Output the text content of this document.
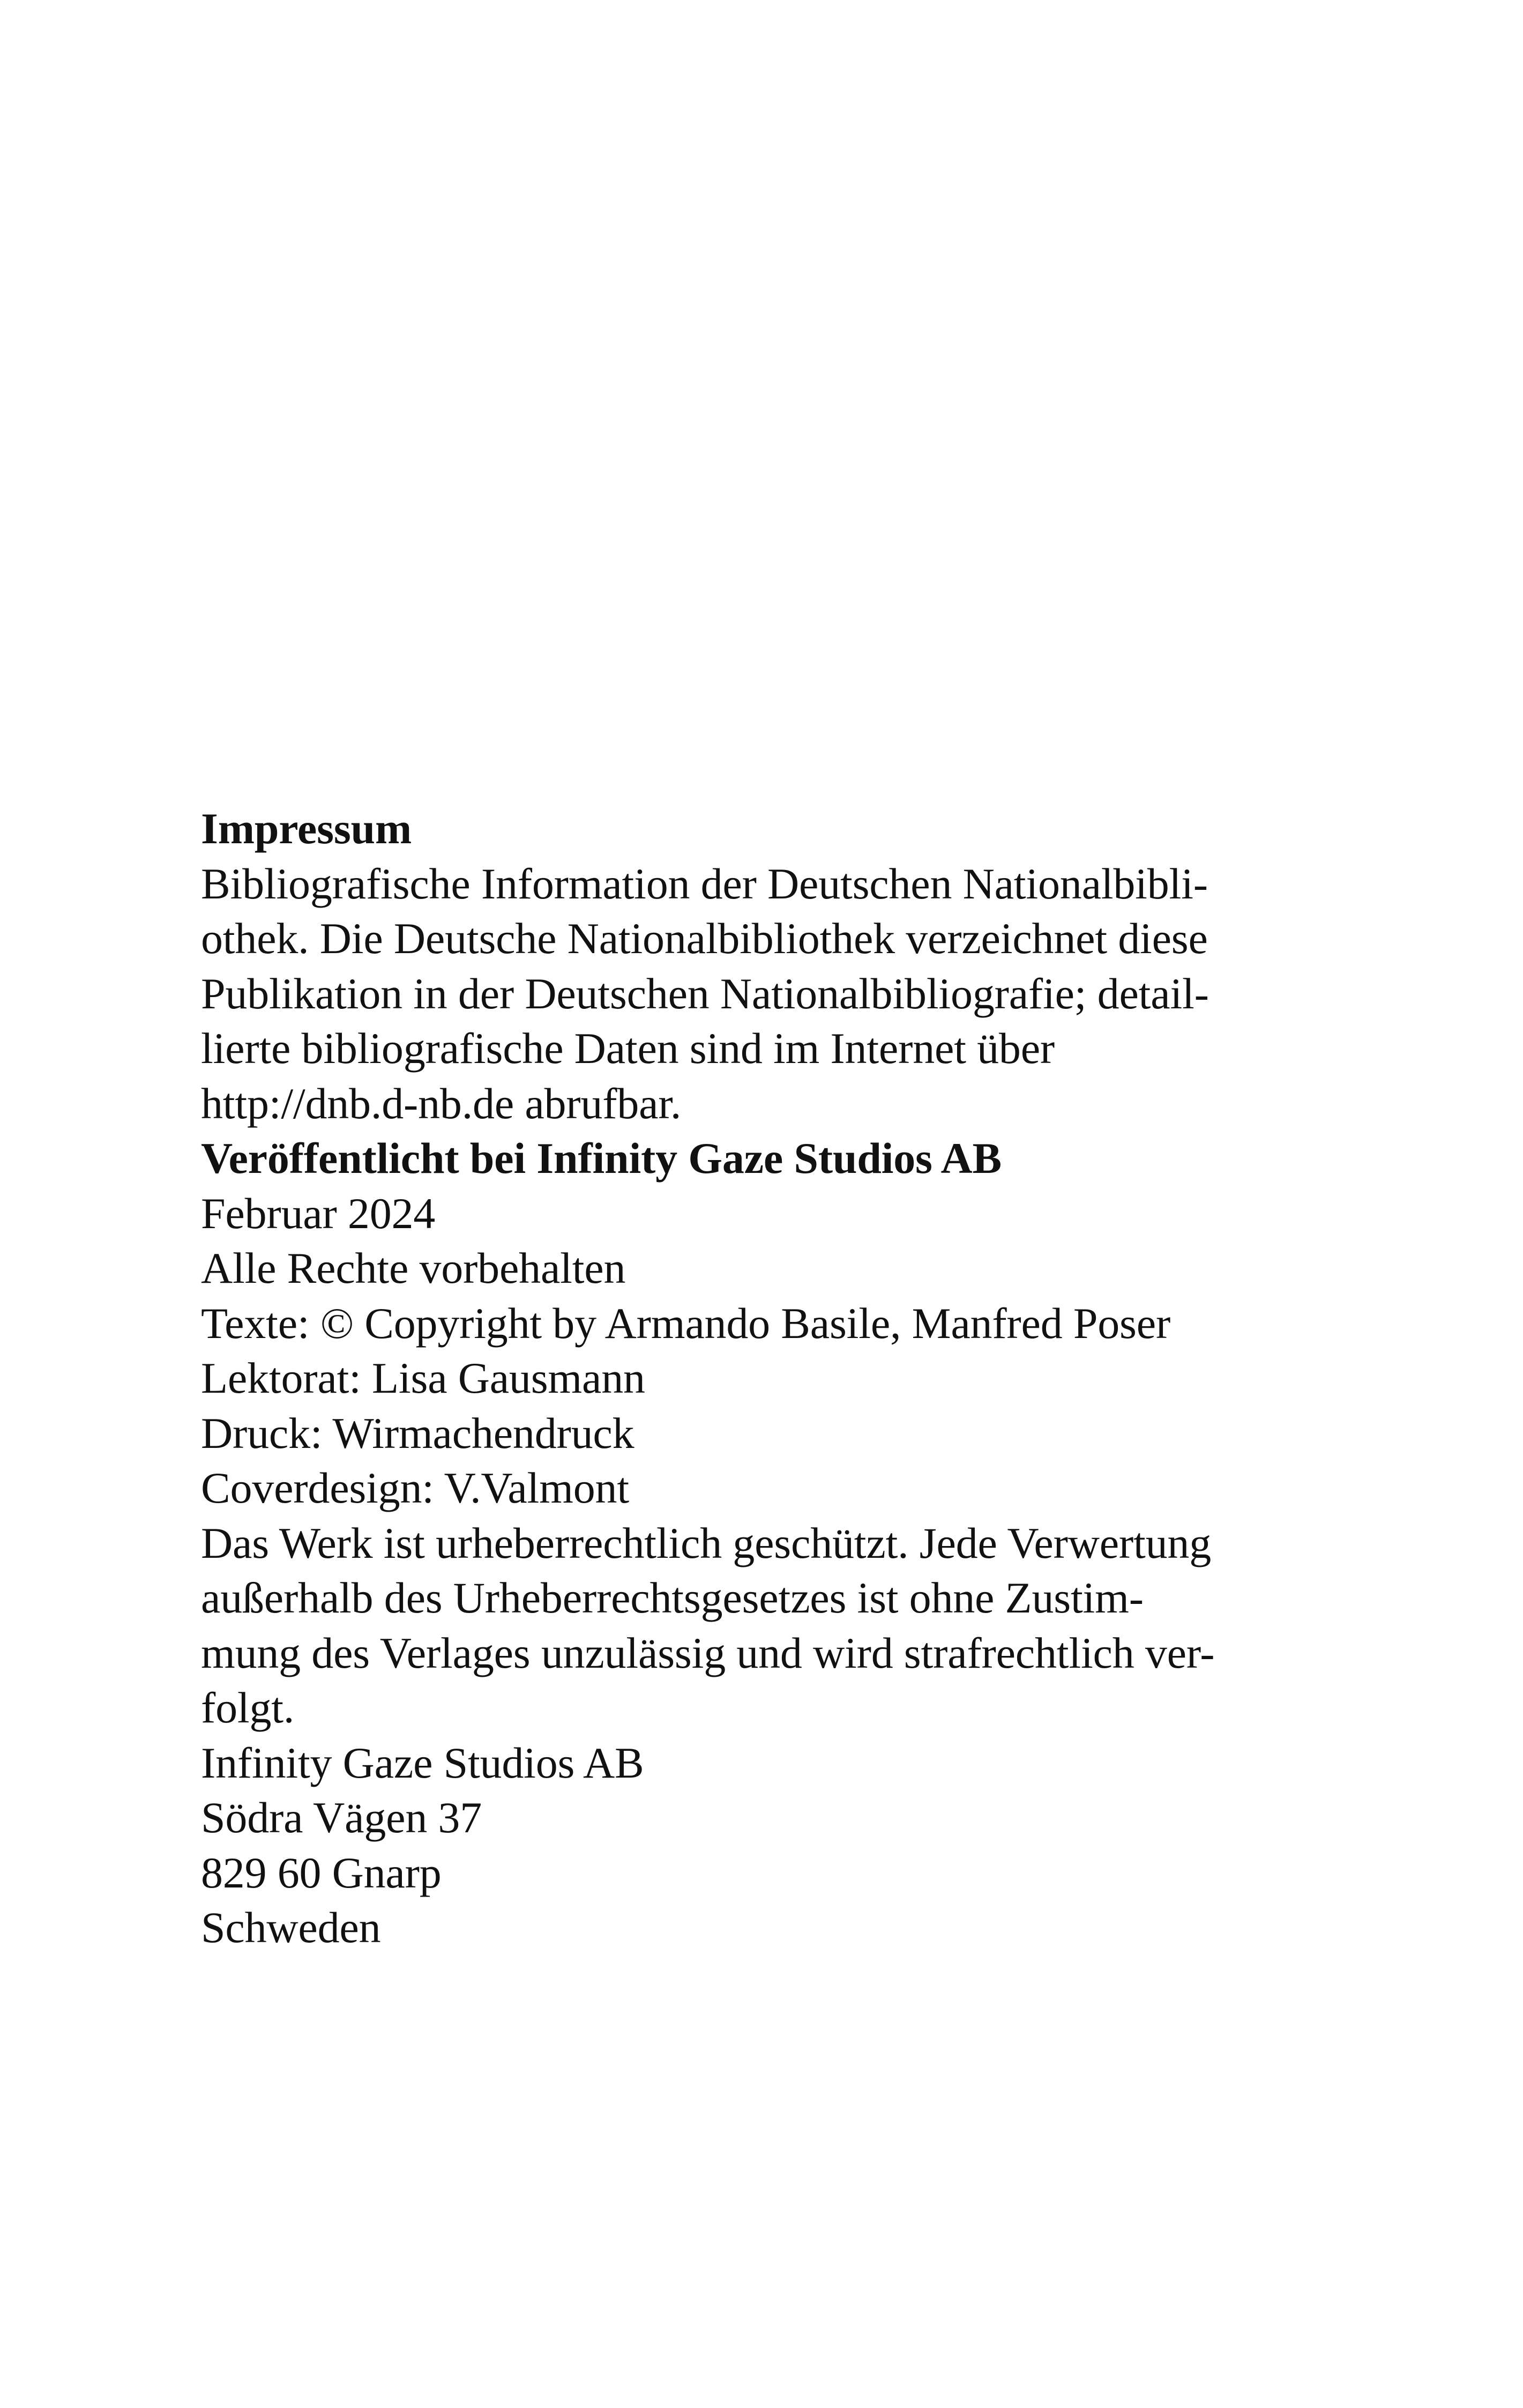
Impressum
Bibliografische Information der Deutschen Nationalbibli-
othek. Die Deutsche Nationalbibliothek verzeichnet diese
Publikation in der Deutschen Nationalbibliografie; detail-
lierte bibliografische Daten sind im Internet über
http://dnb.d-nb.de abrufbar.
Veröffentlicht bei Infinity Gaze Studios AB
Februar 2024
Alle Rechte vorbehalten
Texte: © Copyright by Armando Basile, Manfred Poser
Lektorat: Lisa Gausmann
Druck: Wirmachendruck
Coverdesign: V.Valmont
Das Werk ist urheberrechtlich geschützt. Jede Verwertung
außerhalb des Urheberrechtsgesetzes ist ohne Zustim-
mung des Verlages unzulässig und wird strafrechtlich ver-
folgt.
Infinity Gaze Studios AB
Södra Vägen 37
829 60 Gnarp
Schweden
